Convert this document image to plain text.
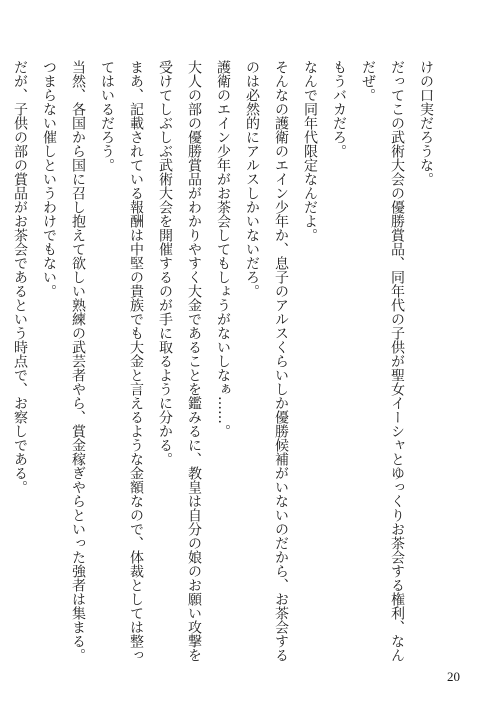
けの口実だろうな。
だってこの武術大会の優勝賞品、同年代の子供が聖女イーシャとゆっくりお茶会する権利、なん
だぜ。
もうバカだろ。
なんで同年代限定なんだよ。
そんなの護衛のエイン少年か、息子のアルスくらいしか優勝候補がいないのだから、お茶会する
のは必然的にアルスしかいないだろ。
護衛のエイン少年がお茶会してもしょうがないしなぁ……。
大人の部の優勝賞品がわかりやすく大金であることを鑑みるに、教皇は自分の娘のお願い攻撃を
受けてしぶしぶ武術大会を開催するのが手に取るように分かる。
まあ、記載されている報酬は中堅の貴族でも大金と言えるような金額なので、体裁としては整っ
てはいるだろう。
当然、各国から国に召し抱えて欲しい熟練の武芸者やら、賞金稼ぎやらといった強者は集まる。
つまらない催しというわけでもない。
だが、子供の部の賞品がお茶会であるという時点で、お察しである。
20
